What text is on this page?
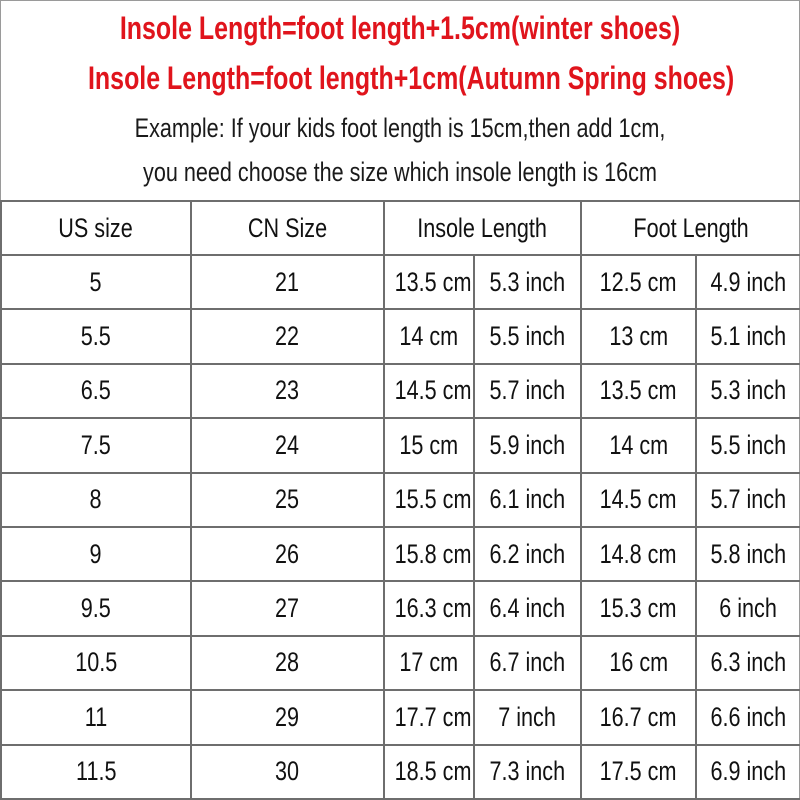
Insole Length=foot length+1.5cm(winter shoes)
Insole Length=foot length+1cm(Autumn Spring shoes)
Example: If your kids foot length is 15cm,then add 1cm,
you need choose the size which insole length is 16cm
US size	CN Size	Insole Length		Foot Length	
5	21	13.5 cm	5.3 inch	12.5 cm	4.9 inch
5.5	22	14 cm	5.5 inch	13 cm	5.1 inch
6.5	23	14.5 cm	5.7 inch	13.5 cm	5.3 inch
7.5	24	15 cm	5.9 inch	14 cm	5.5 inch
8	25	15.5 cm	6.1 inch	14.5 cm	5.7 inch
9	26	15.8 cm	6.2 inch	14.8 cm	5.8 inch
9.5	27	16.3 cm	6.4 inch	15.3 cm	6 inch
10.5	28	17 cm	6.7 inch	16 cm	6.3 inch
11	29	17.7 cm	7 inch	16.7 cm	6.6 inch
11.5	30	18.5 cm	7.3 inch	17.5 cm	6.9 inch
